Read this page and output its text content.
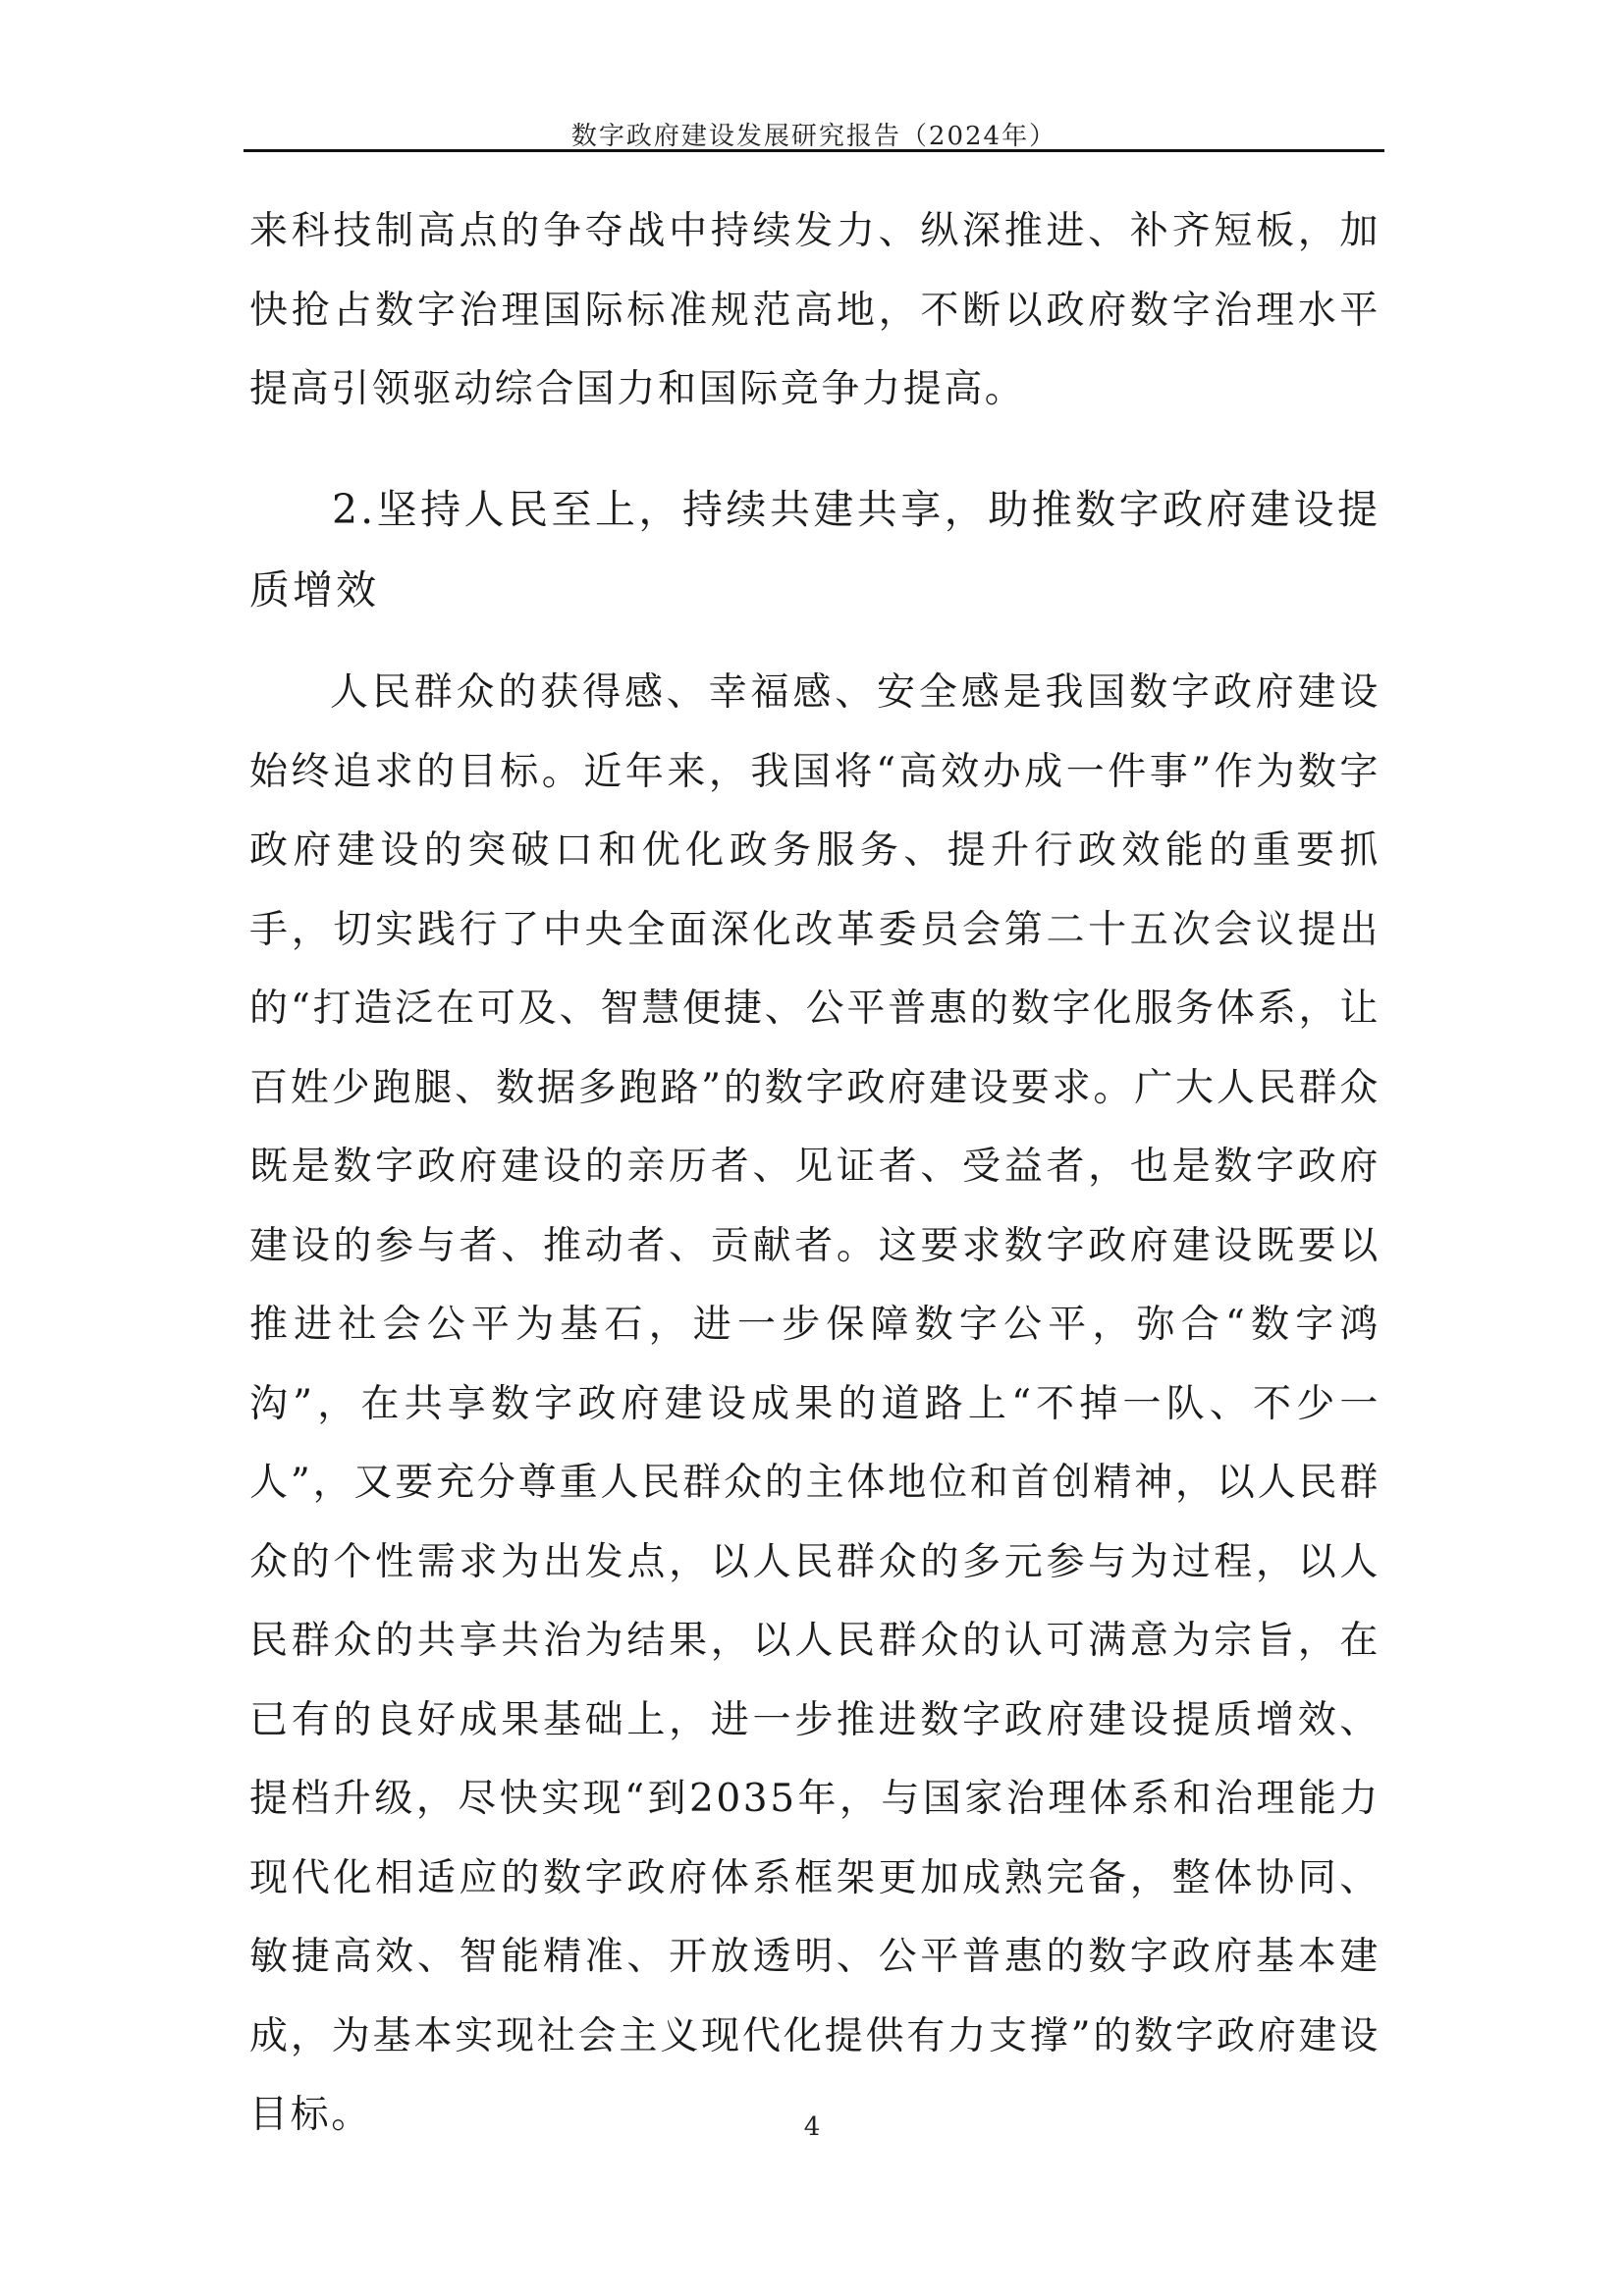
数字政府建设发展研究报告（2024年）

来科技制高点的争夺战中持续发力、纵深推进、补齐短板，加快抢占数字治理国际标准规范高地，不断以政府数字治理水平提高引领驱动综合国力和国际竞争力提高。

2.坚持人民至上，持续共建共享，助推数字政府建设提质增效

人民群众的获得感、幸福感、安全感是我国数字政府建设始终追求的目标。近年来，我国将“高效办成一件事”作为数字政府建设的突破口和优化政务服务、提升行政效能的重要抓手，切实践行了中央全面深化改革委员会第二十五次会议提出的“打造泛在可及、智慧便捷、公平普惠的数字化服务体系，让百姓少跑腿、数据多跑路”的数字政府建设要求。广大人民群众既是数字政府建设的亲历者、见证者、受益者，也是数字政府建设的参与者、推动者、贡献者。这要求数字政府建设既要以推进社会公平为基石，进一步保障数字公平，弥合“数字鸿沟”，在共享数字政府建设成果的道路上“不掉一队、不少一人”，又要充分尊重人民群众的主体地位和首创精神，以人民群众的个性需求为出发点，以人民群众的多元参与为过程，以人民群众的共享共治为结果，以人民群众的认可满意为宗旨，在已有的良好成果基础上，进一步推进数字政府建设提质增效、提档升级，尽快实现“到2035年，与国家治理体系和治理能力现代化相适应的数字政府体系框架更加成熟完备，整体协同、敏捷高效、智能精准、开放透明、公平普惠的数字政府基本建成，为基本实现社会主义现代化提供有力支撑”的数字政府建设目标。	4
